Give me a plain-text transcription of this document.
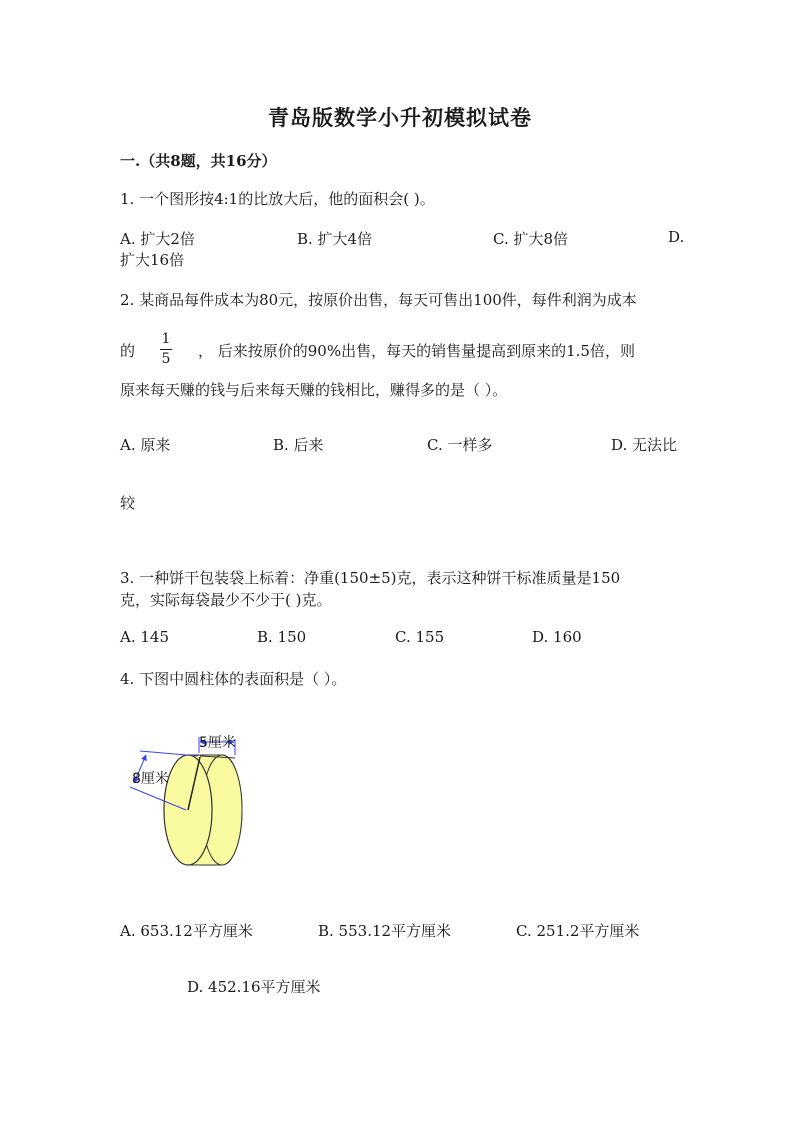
青岛版数学小升初模拟试卷
一.（共8题，共16分）
1. 一个图形按4:1的比放大后，他的面积会( )。
A. 扩大2倍	B. 扩大4倍	C. 扩大8倍	D.
扩大16倍
2. 某商品每件成本为80元，按原价出售，每天可售出100件，每件利润为成本
的
1
5 ， 后来按原价的90%出售，每天的销售量提高到原来的1.5倍，则
原来每天赚的钱与后来每天赚的钱相比，赚得多的是（ ）。
A. 原来	B. 后来	C. 一样多	D. 无法比
较
3. 一种饼干包装袋上标着：净重(150±5)克，表示这种饼干标准质量是150
克，实际每袋最少不少于( )克。
A. 145	B. 150	C. 155	D. 160
4. 下图中圆柱体的表面积是（ ）。
5厘米
8厘米
A. 653.12平方厘米	B. 553.12平方厘米	C. 251.2平方厘米
D. 452.16平方厘米
